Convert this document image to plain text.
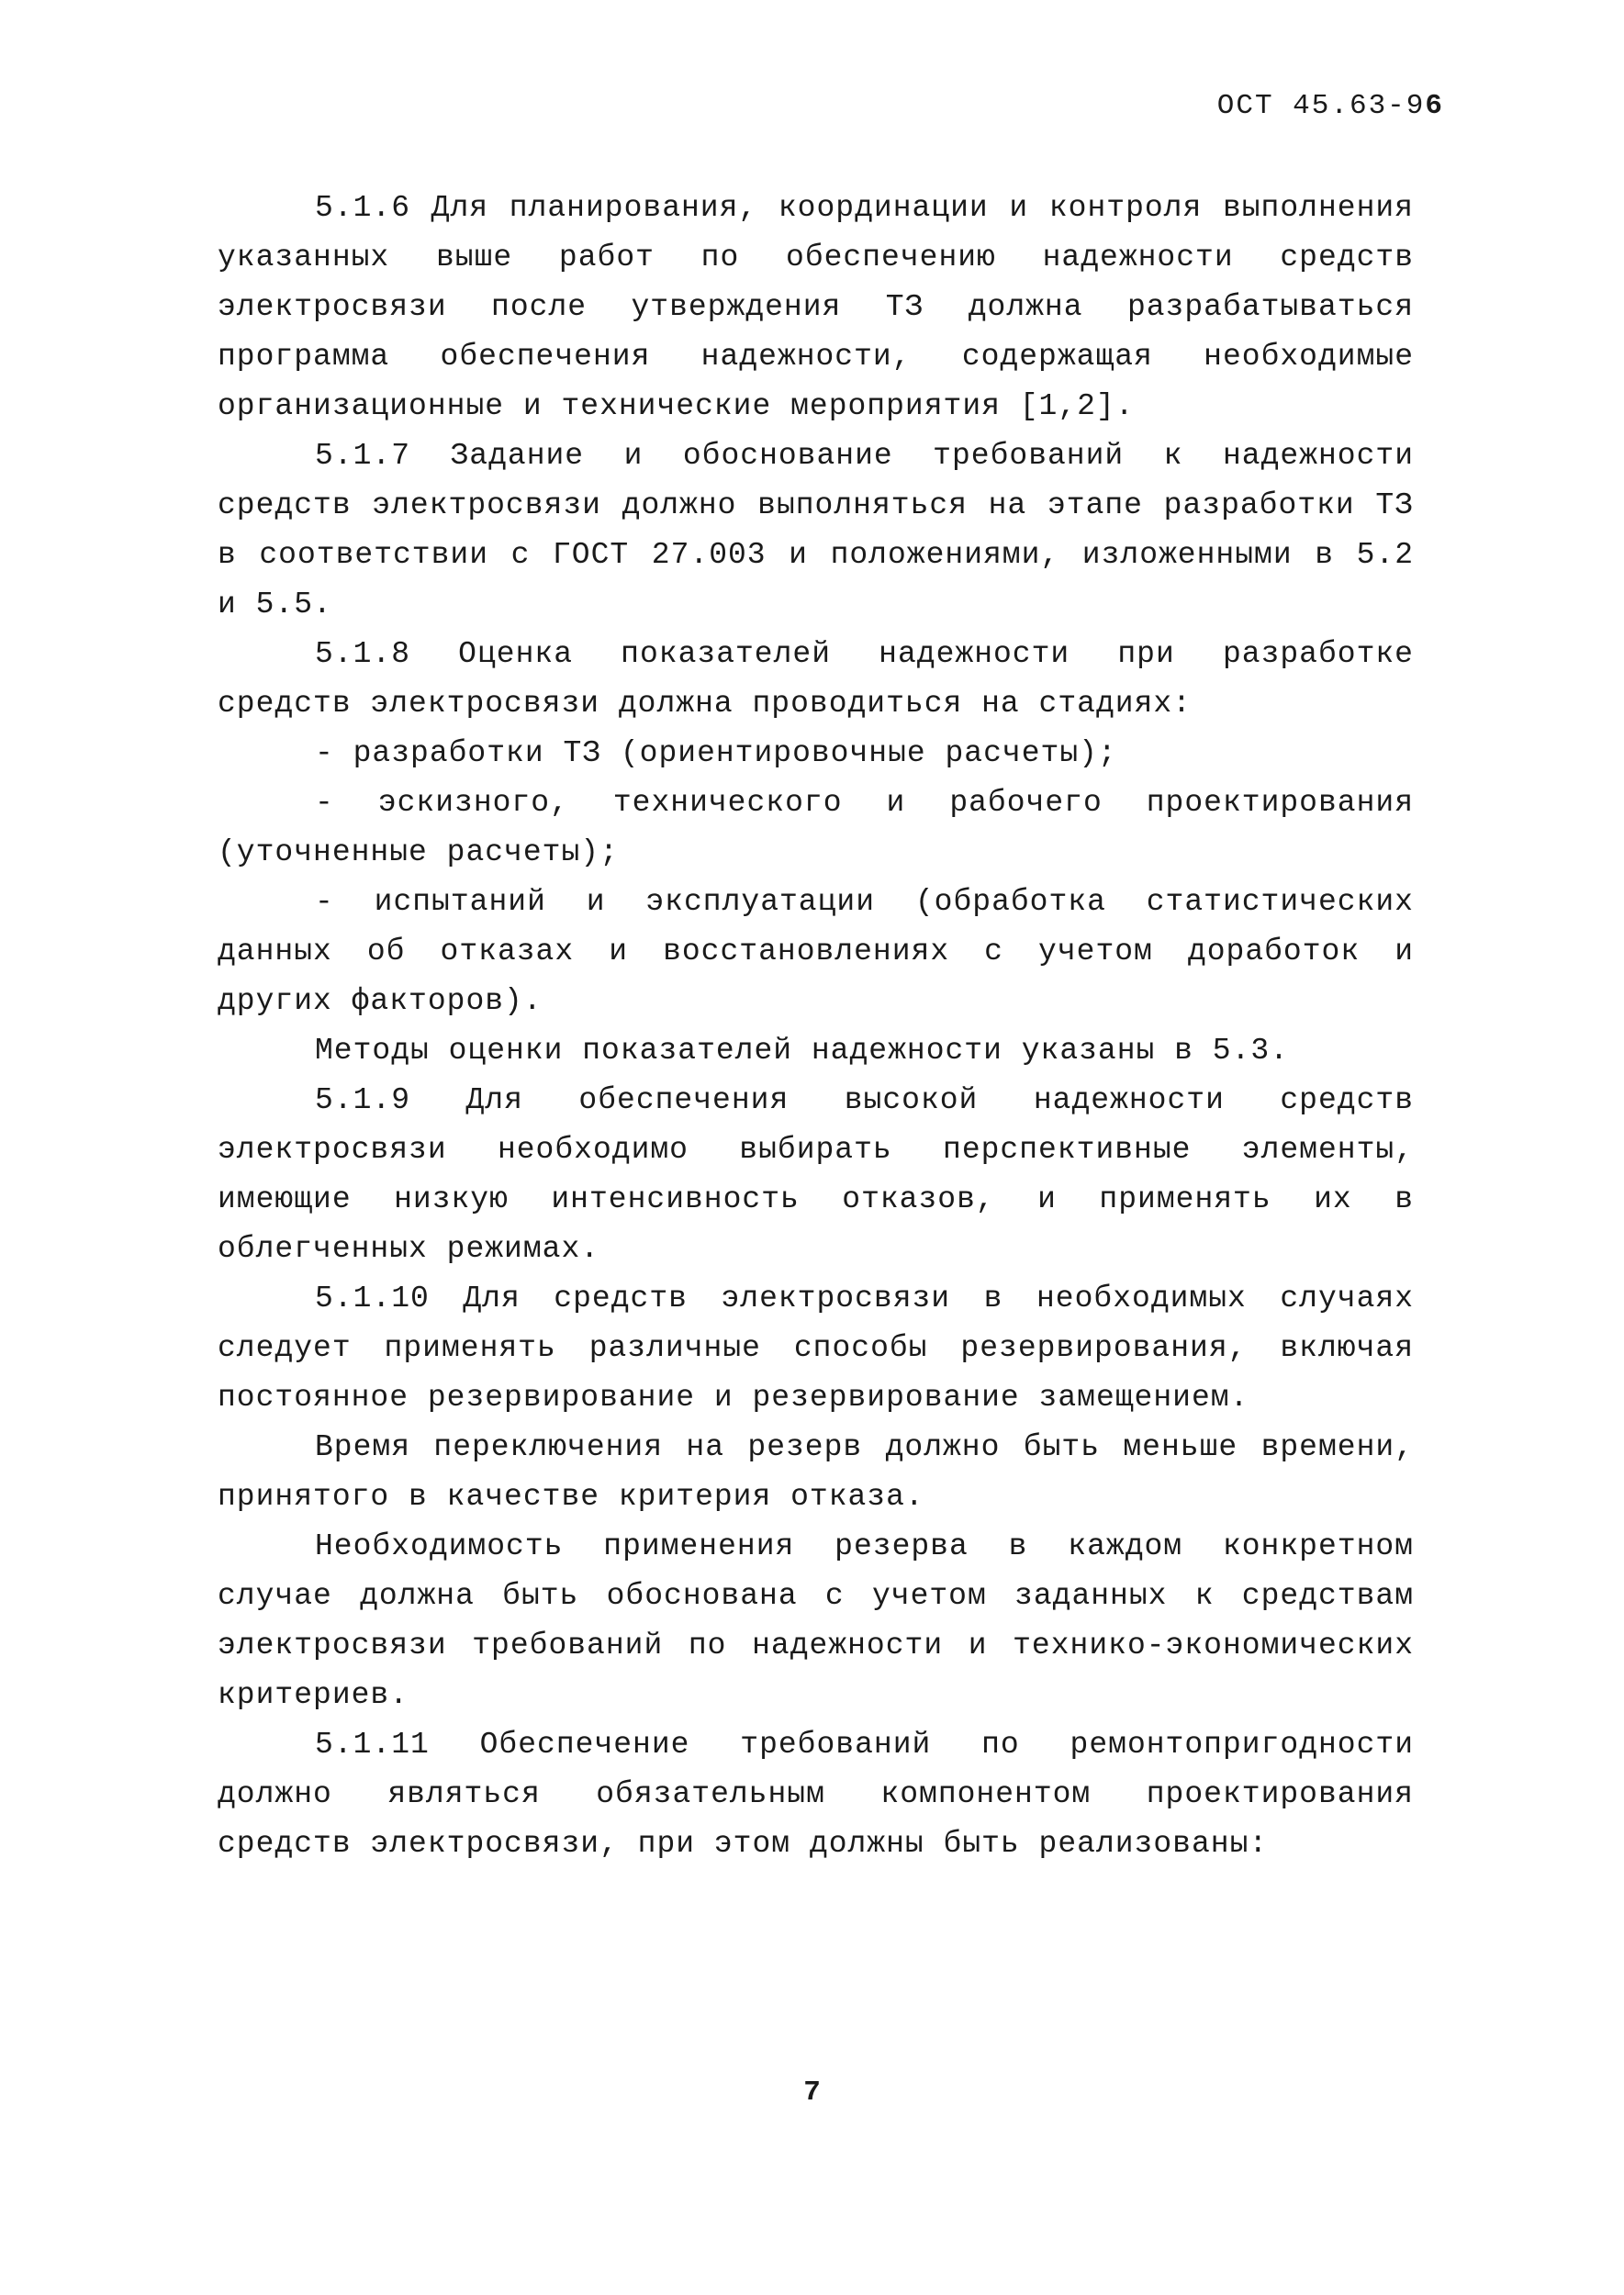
ОСТ 45.63-96

5.1.6 Для планирования, координации и контроля выполнения указанных выше работ по обеспечению надежности средств электросвязи после утверждения ТЗ должна разрабатываться программа обеспечения надежности, содержащая необходимые организационные и технические мероприятия [1,2].

5.1.7 Задание и обоснование требований к надежности средств электросвязи должно выполняться на этапе разработки ТЗ в соответствии с ГОСТ 27.003 и положениями, изложенными в 5.2 и 5.5.

5.1.8 Оценка показателей надежности при разработке средств электросвязи должна проводиться на стадиях:

- разработки ТЗ (ориентировочные расчеты);

- эскизного, технического и рабочего проектирования (уточненные расчеты);

- испытаний и эксплуатации (обработка статистических данных об отказах и восстановлениях с учетом доработок и других факторов).

Методы оценки показателей надежности указаны в 5.3.

5.1.9 Для обеспечения высокой надежности средств электросвязи необходимо выбирать перспективные элементы, имеющие низкую интенсивность отказов, и применять их в облегченных режимах.

5.1.10 Для средств электросвязи в необходимых случаях следует применять различные способы резервирования, включая постоянное резервирование и резервирование замещением.

Время переключения на резерв должно быть меньше времени, принятого в качестве критерия отказа.

Необходимость применения резерва в каждом конкретном случае должна быть обоснована с учетом заданных к средствам электросвязи требований по надежности и технико-экономических критериев.

5.1.11 Обеспечение требований по ремонтопригодности должно являться обязательным компонентом проектирования средств электросвязи, при этом должны быть реализованы:

7
